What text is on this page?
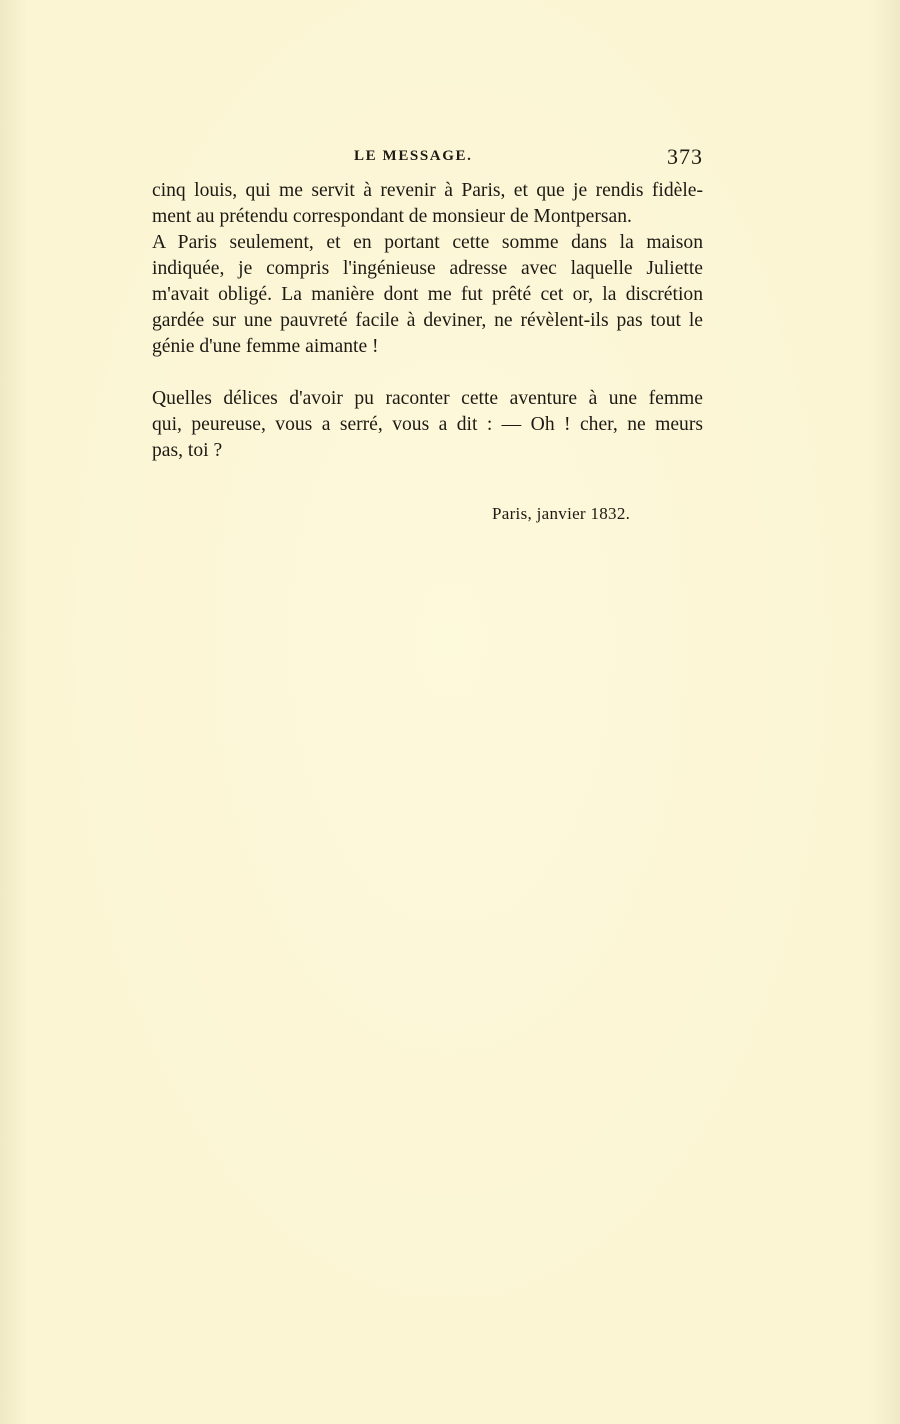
LE MESSAGE.	373
cinq louis, qui me servit à revenir à Paris, et que je rendis fidèle-
ment au prétendu correspondant de monsieur de Montpersan.
A Paris seulement, et en portant cette somme dans la maison
indiquée, je compris l'ingénieuse adresse avec laquelle Juliette
m'avait obligé. La manière dont me fut prêté cet or, la discrétion
gardée sur une pauvreté facile à deviner, ne révèlent-ils pas tout le
génie d'une femme aimante !
Quelles délices d'avoir pu raconter cette aventure à une femme
qui, peureuse, vous a serré, vous a dit : — Oh ! cher, ne meurs
pas, toi ?
Paris, janvier 1832.
